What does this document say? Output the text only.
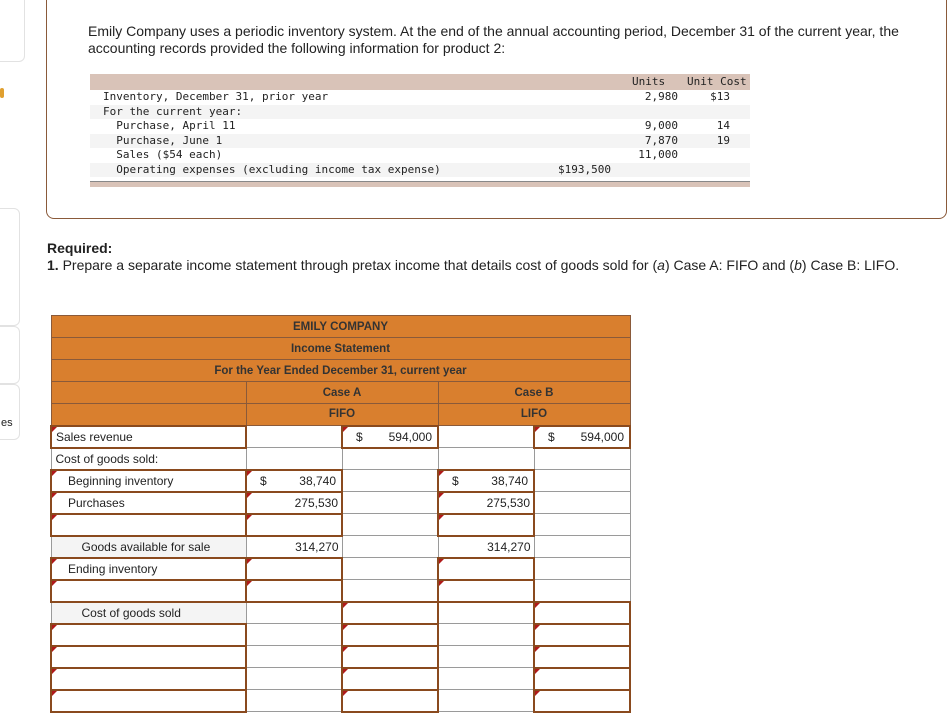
es
Emily Company uses a periodic inventory system. At the end of the annual accounting period, December 31 of the current year, the accounting records provided the following information for product 2:
Units Unit Cost
Inventory, December 31, prior year	2,980	$13
For the current year:
Purchase, April 11	9,000	14
Purchase, June 1	7,870	19
Sales ($54 each)	11,000
Operating expenses (excluding income tax expense)	$193,500
Required:
1. Prepare a separate income statement through pretax income that details cost of goods sold for (a) Case A: FIFO and (b) Case B: LIFO.
EMILY COMPANY				
Income Statement				
For the Year Ended December 31, current year				
	Case A		Case B	
	FIFO		LIFO	
Sales revenue		$ 594,000		$ 594,000

Cost of goods sold:				
Beginning inventory	$ 38,740		$ 38,740	

Purchases	275,530		275,530	

Goods available for sale	314,270		314,270	
Ending inventory				

Cost of goods sold				
